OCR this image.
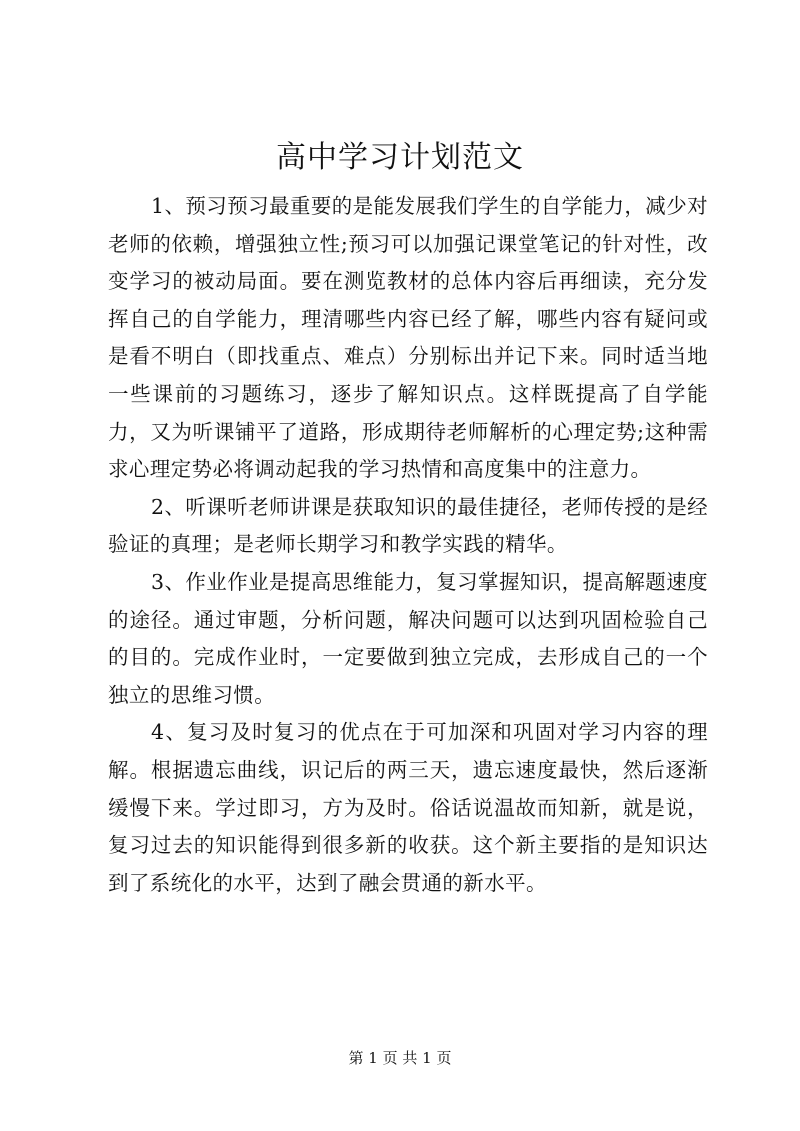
高中学习计划范文

1、预习预习最重要的是能发展我们学生的自学能力，减少对老师的依赖，增强独立性;预习可以加强记课堂笔记的针对性，改变学习的被动局面。要在测览教材的总体内容后再细读，充分发挥自己的自学能力，理清哪些内容已经了解，哪些内容有疑问或是看不明白（即找重点、难点）分别标出并记下来。同时适当地一些课前的习题练习，逐步了解知识点。这样既提高了自学能力，又为听课铺平了道路，形成期待老师解析的心理定势;这种需求心理定势必将调动起我的学习热情和高度集中的注意力。

2、听课听老师讲课是获取知识的最佳捷径，老师传授的是经验证的真理；是老师长期学习和教学实践的精华。

3、作业作业是提高思维能力，复习掌握知识，提高解题速度的途径。通过审题，分析问题，解决问题可以达到巩固检验自己的目的。完成作业时，一定要做到独立完成，去形成自己的一个独立的思维习惯。

4、复习及时复习的优点在于可加深和巩固对学习内容的理解。根据遗忘曲线，识记后的两三天，遗忘速度最快，然后逐渐缓慢下来。学过即习，方为及时。俗话说温故而知新，就是说，复习过去的知识能得到很多新的收获。这个新主要指的是知识达到了系统化的水平，达到了融会贯通的新水平。

第 1 页 共 1 页
